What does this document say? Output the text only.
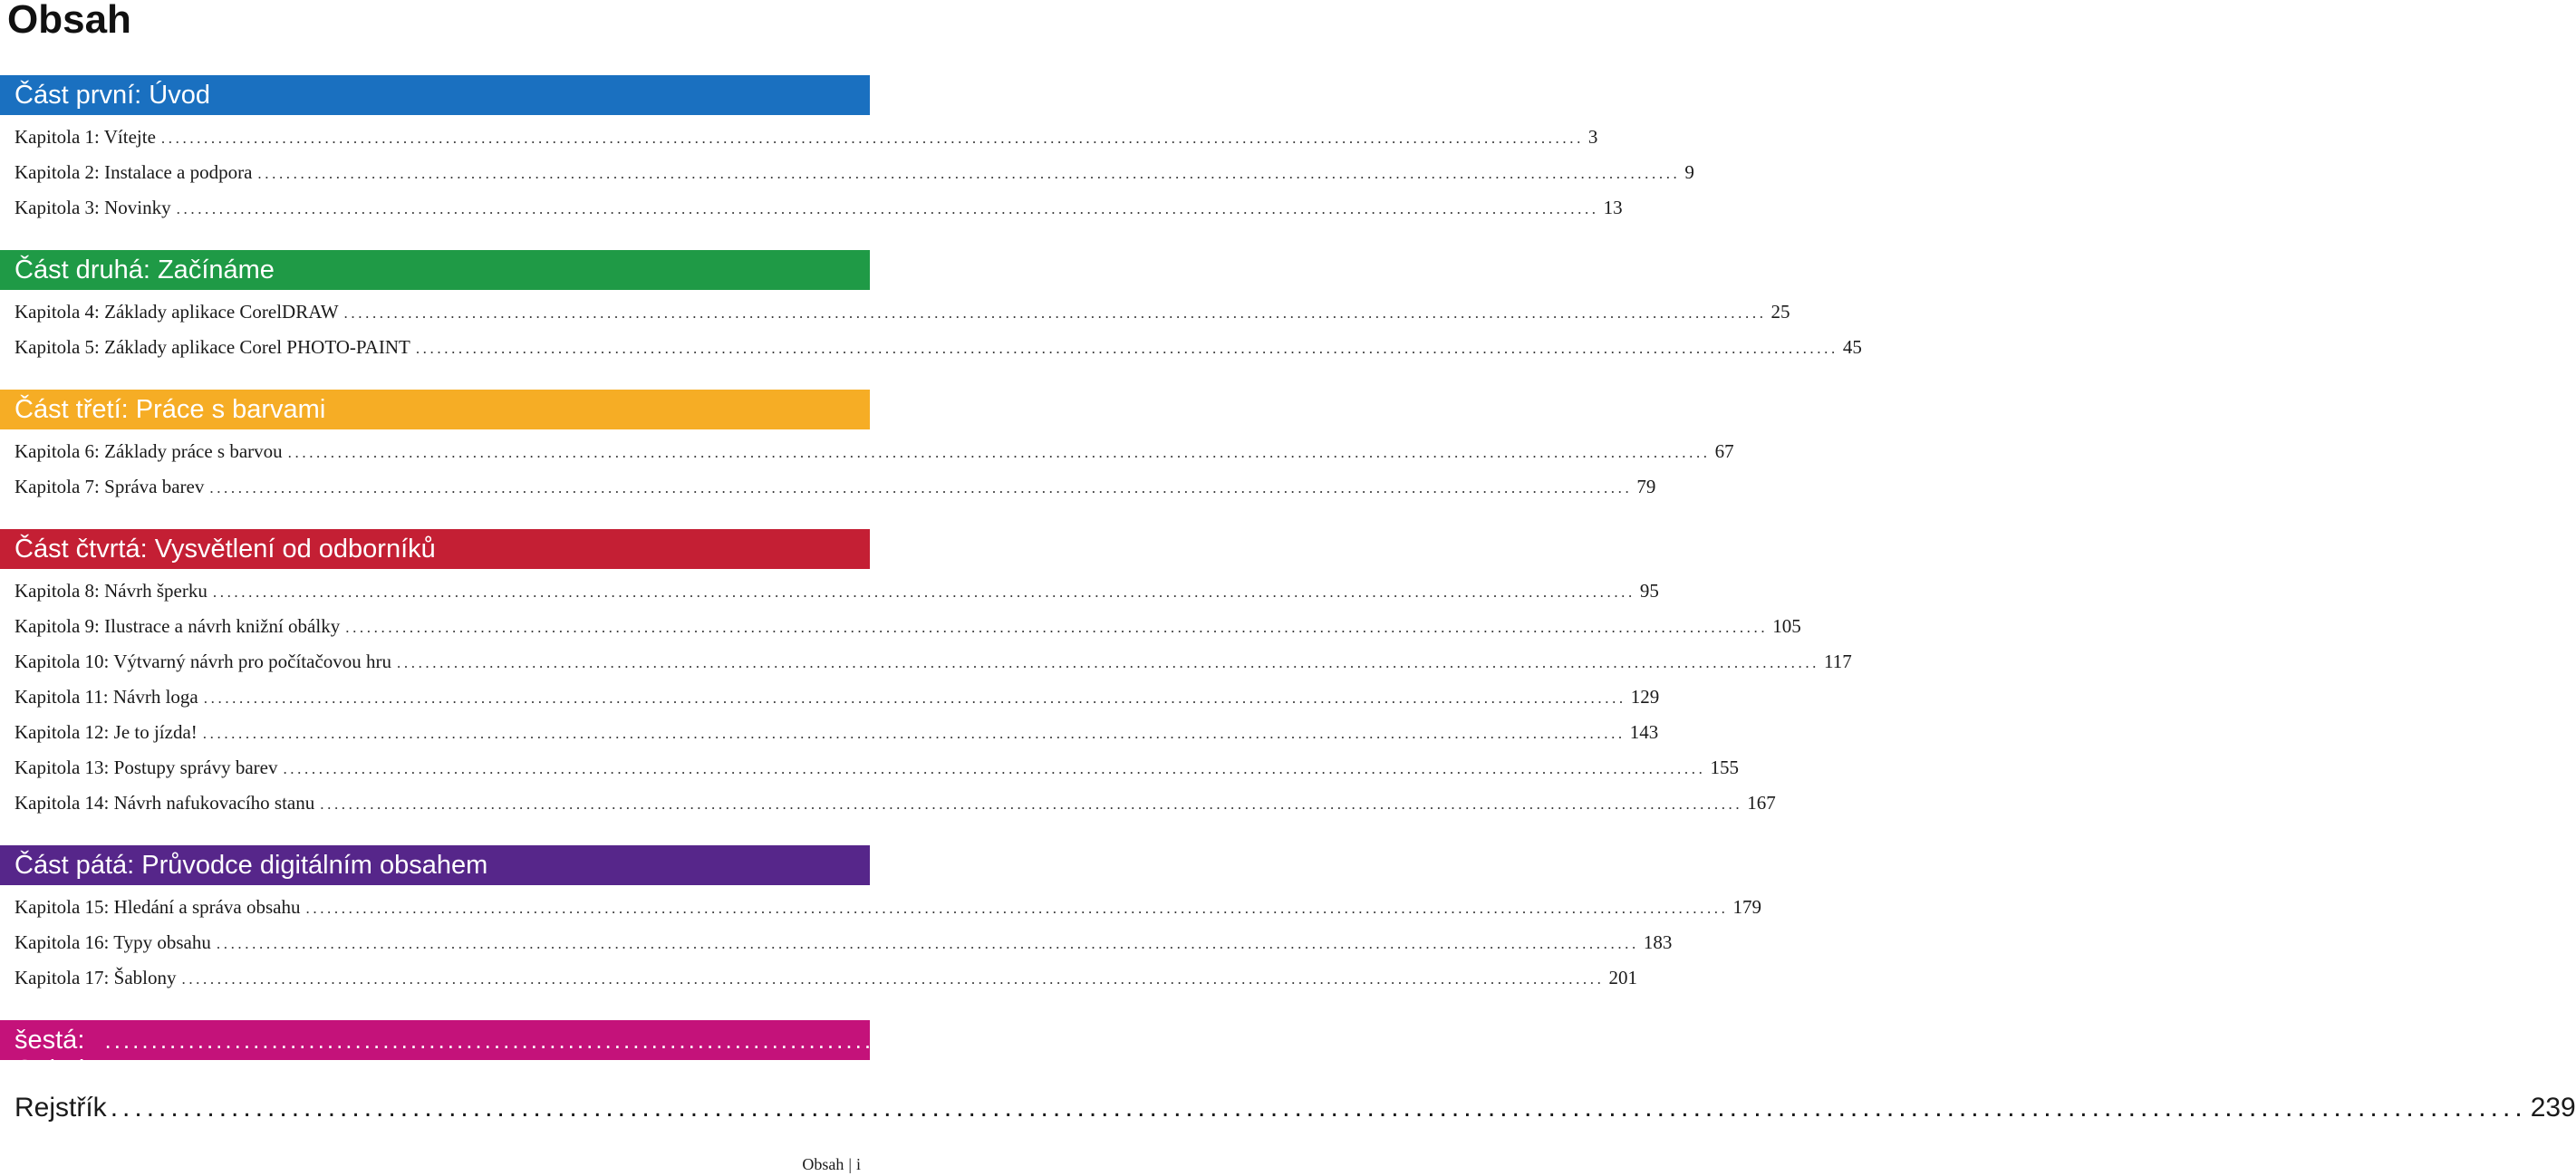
Obsah
Část první: Úvod
Kapitola 1: Vítejte ........................................................................................................................................................................................................ 3
Kapitola 2: Instalace a podpora ........................................................................................................................................................................................................ 9
Kapitola 3: Novinky ........................................................................................................................................................................................................ 13
Část druhá: Začínáme
Kapitola 4: Základy aplikace CorelDRAW ........................................................................................................................................................................................................ 25
Kapitola 5: Základy aplikace Corel PHOTO-PAINT ........................................................................................................................................................................................................ 45
Část třetí: Práce s barvami
Kapitola 6: Základy práce s barvou ........................................................................................................................................................................................................ 67
Kapitola 7: Správa barev ........................................................................................................................................................................................................ 79
Část čtvrtá: Vysvětlení od odborníků
Kapitola 8: Návrh šperku ........................................................................................................................................................................................................ 95
Kapitola 9: Ilustrace a návrh knižní obálky ........................................................................................................................................................................................................ 105
Kapitola 10: Výtvarný návrh pro počítačovou hru ........................................................................................................................................................................................................ 117
Kapitola 11: Návrh loga ........................................................................................................................................................................................................ 129
Kapitola 12: Je to jízda! ........................................................................................................................................................................................................ 143
Kapitola 13: Postupy správy barev ........................................................................................................................................................................................................ 155
Kapitola 14: Návrh nafukovacího stanu ........................................................................................................................................................................................................ 167
Část pátá: Průvodce digitálním obsahem
Kapitola 15: Hledání a správa obsahu ........................................................................................................................................................................................................ 179
Kapitola 16: Typy obsahu ........................................................................................................................................................................................................ 183
Kapitola 17: Šablony ........................................................................................................................................................................................................ 201
Část šestá: Galerie
........................................................................................................................................................................................................ 207
Rejstřík ........................................................................................................................................................................................................ 239
Obsah | i
